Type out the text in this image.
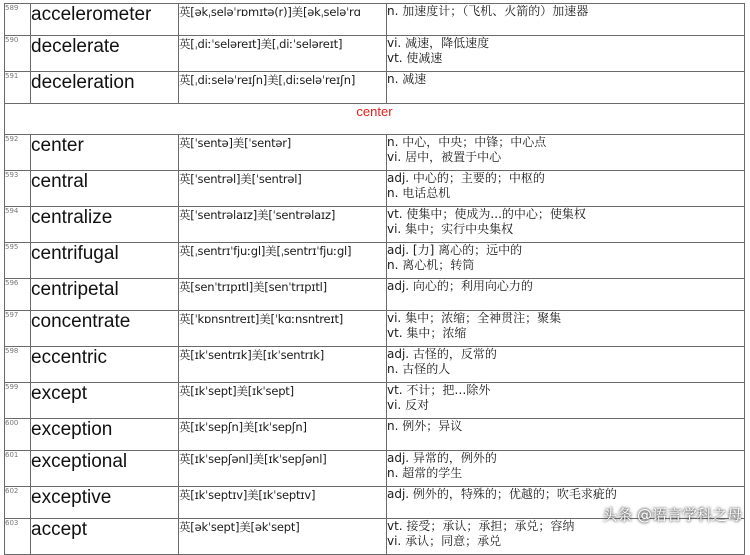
589	accelerometer	英[əkˌseləˈrɒmɪtə(r)]美[əkˌseləˈrɑ	n. 加速度计；（飞机、火箭的）加速器

590	decelerate	英[ˌdiːˈseləreɪt]美[ˌdiːˈseləreɪt]	vi. 减速，降低速度
vt. 使减速

591	deceleration	英[ˌdiːseləˈreɪʃn]美[ˌdiːseləˈreɪʃn]	n. 减速

center			
592	center	英[ˈsentə]美[ˈsentər]	n. 中心，中央；中锋；中心点
vi. 居中，被置于中心

593	central	英[ˈsentrəl]美[ˈsentrəl]	adj. 中心的；主要的；中枢的
n. 电话总机

594	centralize	英[ˈsentrəlaɪz]美[ˈsentrəlaɪz]	vt. 使集中；使成为...的中心；使集权
vi. 集中；实行中央集权

595	centrifugal	英[ˌsentrɪˈfjuːgl]美[ˌsentrɪˈfjuːgl]	adj. [力] 离心的；远中的
n. 离心机；转筒

596	centripetal	英[senˈtrɪpɪtl]美[senˈtrɪpɪtl]	adj. 向心的；利用向心力的

597	concentrate	英[ˈkɒnsntreɪt]美[ˈkɑːnsntreɪt]	vi. 集中；浓缩；全神贯注；聚集
vt. 集中；浓缩

598	eccentric	英[ɪkˈsentrɪk]美[ɪkˈsentrɪk]	adj. 古怪的，反常的
n. 古怪的人

599	except	英[ɪkˈsept]美[ɪkˈsept]	vt. 不计；把…除外
vi. 反对

600	exception	英[ɪkˈsepʃn]美[ɪkˈsepʃn]	n. 例外；异议

601	exceptional	英[ɪkˈsepʃənl]美[ɪkˈsepʃənl]	adj. 异常的，例外的
n. 超常的学生

602	exceptive	英[ɪkˈseptɪv]美[ɪkˈseptɪv]	adj. 例外的，特殊的；优越的；吹毛求疵的

603	accept	英[əkˈsept]美[əkˈsept]	vt. 接受；承认；承担；承兑；容纳
vi. 承认；同意；承兑
头条 @语言学科之母
